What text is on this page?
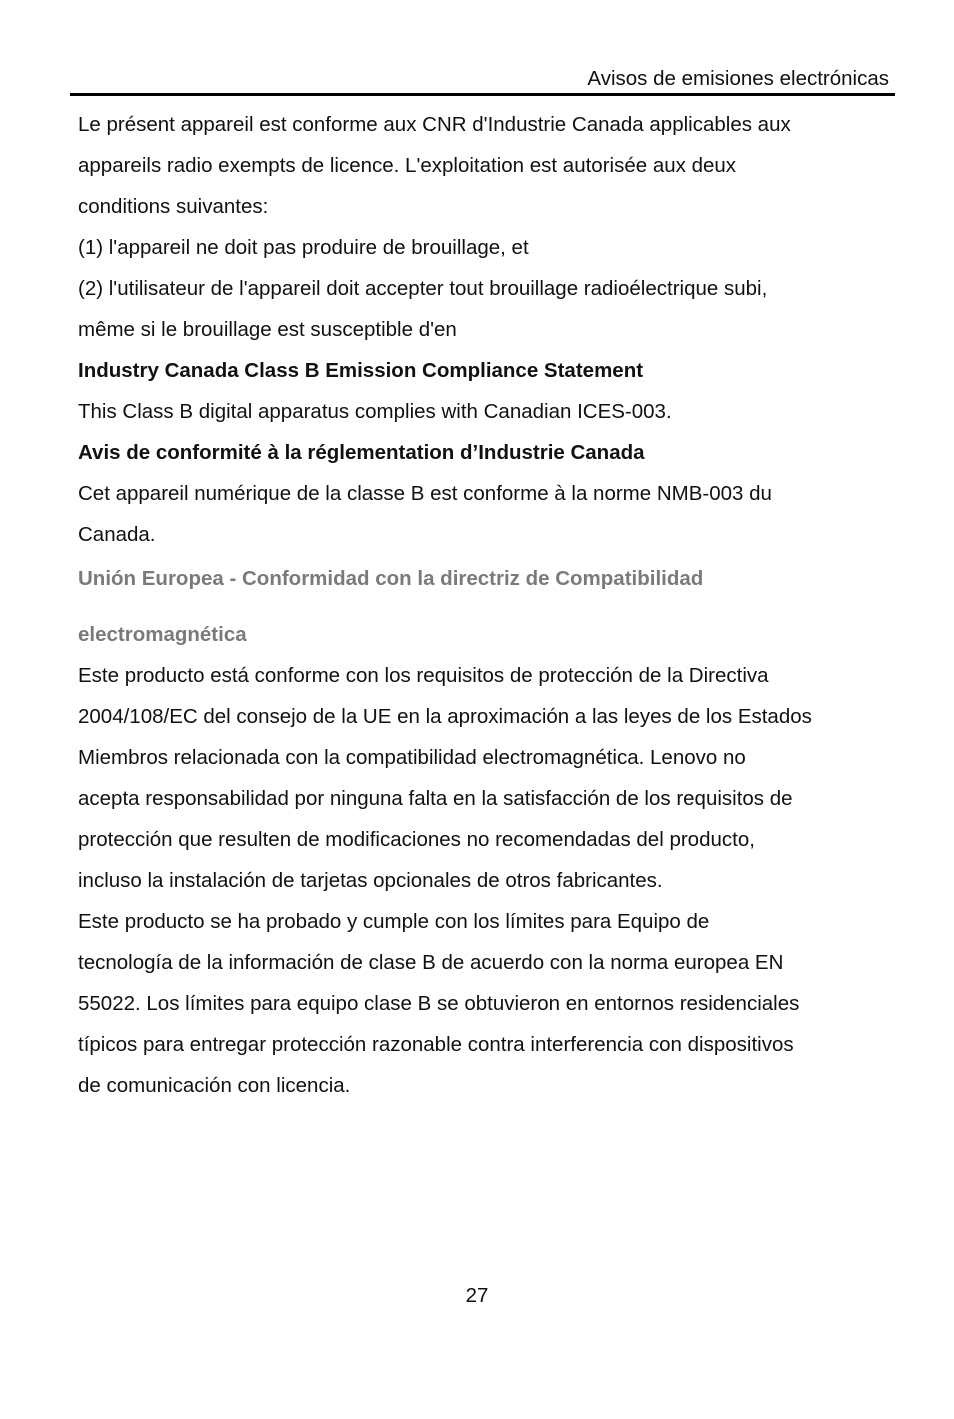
Avisos de emisiones electrónicas
Le présent appareil est conforme aux CNR d'Industrie Canada applicables aux
appareils radio exempts de licence. L'exploitation est autorisée aux deux
conditions suivantes:
(1) l'appareil ne doit pas produire de brouillage, et
(2) l'utilisateur de l'appareil doit accepter tout brouillage radioélectrique subi,
même si le brouillage est susceptible d'en
Industry Canada Class B Emission Compliance Statement
This Class B digital apparatus complies with Canadian ICES-003.
Avis de conformité à la réglementation d’Industrie Canada
Cet appareil numérique de la classe B est conforme à la norme NMB-003 du
Canada.
Unión Europea - Conformidad con la directriz de Compatibilidad
electromagnética
Este producto está conforme con los requisitos de protección de la Directiva
2004/108/EC del consejo de la UE en la aproximación a las leyes de los Estados
Miembros relacionada con la compatibilidad electromagnética. Lenovo no
acepta responsabilidad por ninguna falta en la satisfacción de los requisitos de
protección que resulten de modificaciones no recomendadas del producto,
incluso la instalación de tarjetas opcionales de otros fabricantes.
Este producto se ha probado y cumple con los límites para Equipo de
tecnología de la información de clase B de acuerdo con la norma europea EN
55022. Los límites para equipo clase B se obtuvieron en entornos residenciales
típicos para entregar protección razonable contra interferencia con dispositivos
de comunicación con licencia.
27
